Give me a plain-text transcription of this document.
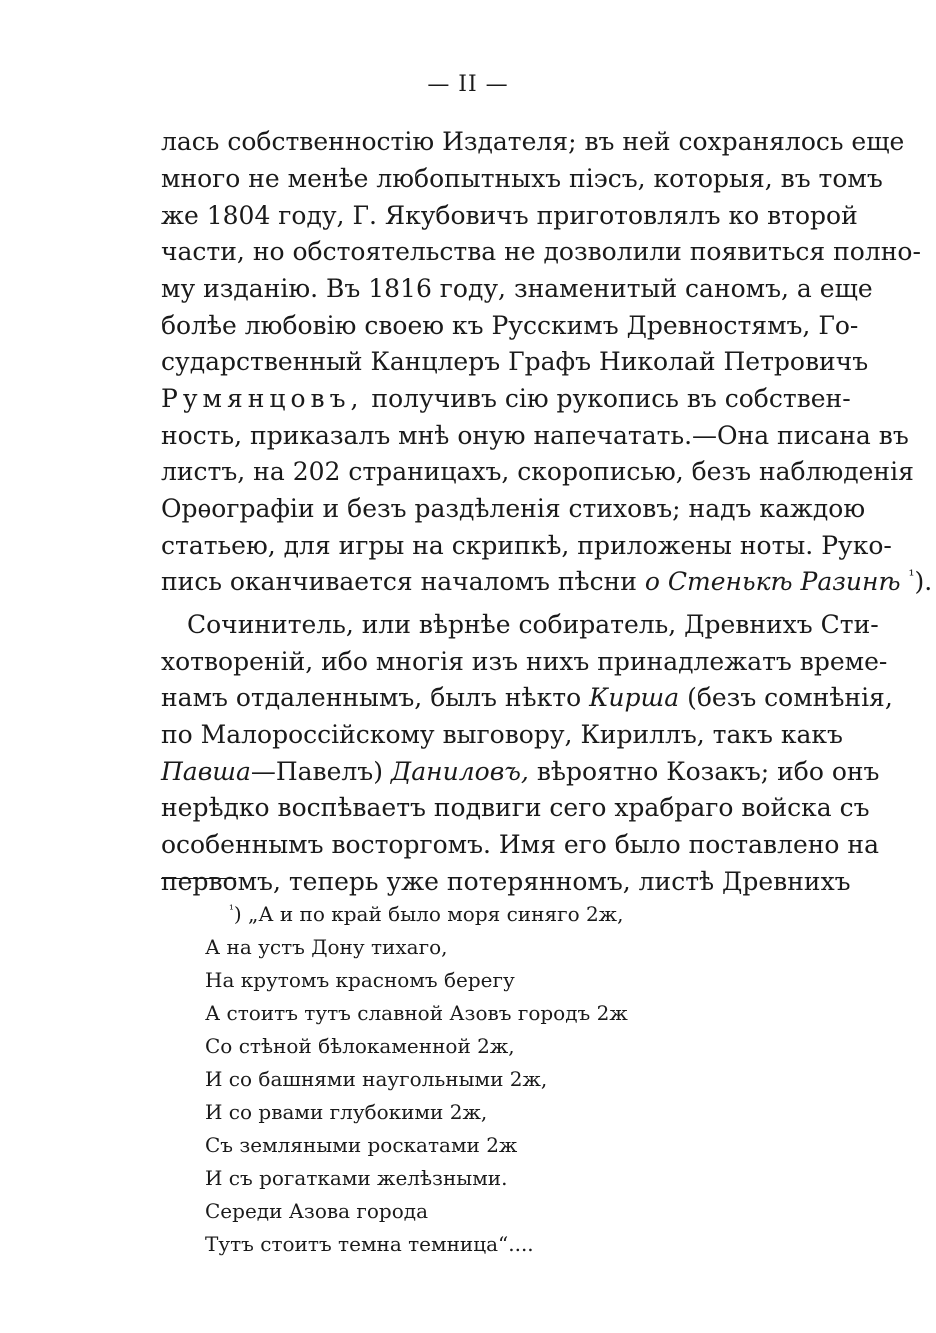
— II —
лась собственностію Издателя; въ ней сохранялось еще
много не менѣе любопытныхъ піэсъ, которыя, въ томъ
же 1804 году, Г. Якубовичъ приготовлялъ ко второй
части, но обстоятельства не дозволили появиться полно-
му изданію. Въ 1816 году, знаменитый саномъ, а еще
болѣе любовію своею къ Русскимъ Древностямъ, Го-
сударственный Канцлеръ Графъ Николай Петровичъ
Румянцовъ, получивъ сію рукопись въ собствен-
ность, приказалъ мнѣ оную напечатать.—Она писана въ
листъ, на 202 страницахъ, скорописью, безъ наблюденія
Орѳографіи и безъ раздѣленія стиховъ; надъ каждою
статьею, для игры на скрипкѣ, приложены ноты. Руко-
пись оканчивается началомъ пѣсни о Стенькѣ Разинѣ $^{^1}$).
Сочинитель, или вѣрнѣе собиратель, Древнихъ Сти-
хотвореній, ибо многія изъ нихъ принадлежатъ време-
намъ отдаленнымъ, былъ нѣкто Кирша (безъ сомнѣнія,
по Малороссійскому выговору, Кириллъ, такъ какъ
Павша—Павелъ) Даниловъ, вѣроятно Козакъ; ибо онъ
нерѣдко воспѣваетъ подвиги сего храбраго войска съ
особеннымъ восторгомъ. Имя его было поставлено на
первомъ, теперь уже потерянномъ, листѣ Древнихъ
$^{^1}$) „А и по край было моря синяго 2ж,
А на устъ Дону тихаго,
На крутомъ красномъ берегу
А стоитъ тутъ славной Азовъ городъ 2ж
Со стѣной бѣлокаменной 2ж,
И со башнями наугольными 2ж,
И со рвами глубокими 2ж,
Съ земляными роскатами 2ж
И съ рогатками желѣзными.
Середи Азова города
Тутъ стоитъ темна темница“....
